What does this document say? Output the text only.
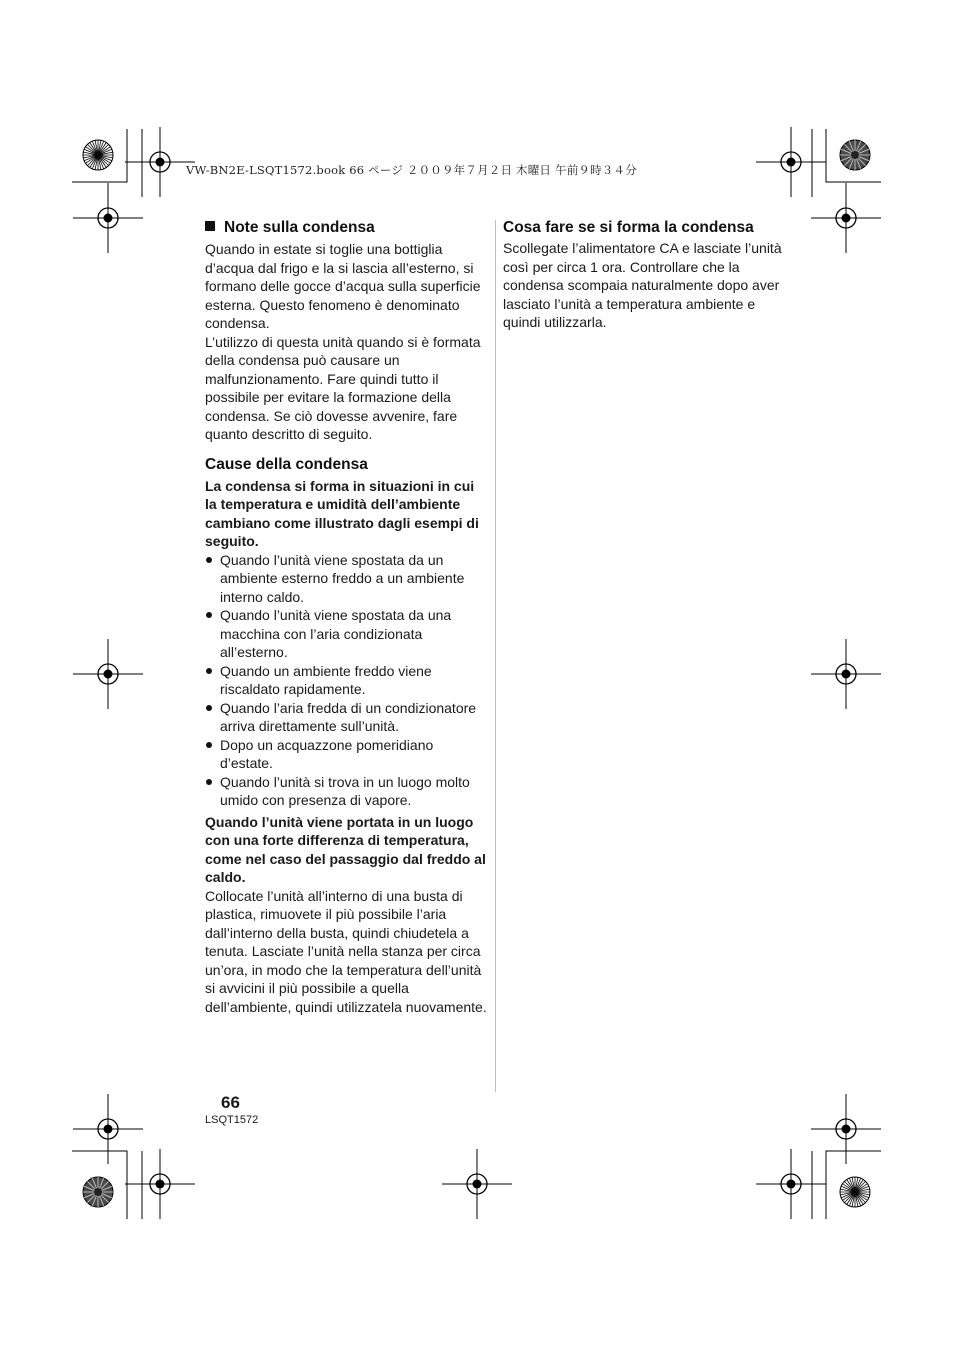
VW-BN2E-LSQT1572.book 66 ページ ２００９年７月２日 木曜日 午前９時３４分

Note sulla condensa

Quando in estate si toglie una bottiglia d’acqua dal frigo e la si lascia all’esterno, si formano delle gocce d’acqua sulla superficie esterna. Questo fenomeno è denominato condensa.

L’utilizzo di questa unità quando si è formata della condensa può causare un malfunzionamento. Fare quindi tutto il possibile per evitare la formazione della condensa. Se ciò dovesse avvenire, fare quanto descritto di seguito.

Cause della condensa

La condensa si forma in situazioni in cui la temperatura e umidità dell’ambiente cambiano come illustrato dagli esempi di seguito.

Quando l’unità viene spostata da un ambiente esterno freddo a un ambiente interno caldo.
Quando l’unità viene spostata da una macchina con l’aria condizionata all’esterno.
Quando un ambiente freddo viene riscaldato rapidamente.
Quando l’aria fredda di un condizionatore arriva direttamente sull’unità.
Dopo un acquazzone pomeridiano d’estate.
Quando l’unità si trova in un luogo molto umido con presenza di vapore.

Quando l’unità viene portata in un luogo con una forte differenza di temperatura, come nel caso del passaggio dal freddo al caldo.

Collocate l’unità all’interno di una busta di plastica, rimuovete il più possibile l’aria dall’interno della busta, quindi chiudetela a tenuta. Lasciate l’unità nella stanza per circa un’ora, in modo che la temperatura dell’unità si avvicini il più possibile a quella dell’ambiente, quindi utilizzatela nuovamente.

Cosa fare se si forma la condensa

Scollegate l’alimentatore CA e lasciate l’unità così per circa 1 ora. Controllare che la condensa scompaia naturalmente dopo aver lasciato l’unità a temperatura ambiente e quindi utilizzarla.

66

LSQT1572
